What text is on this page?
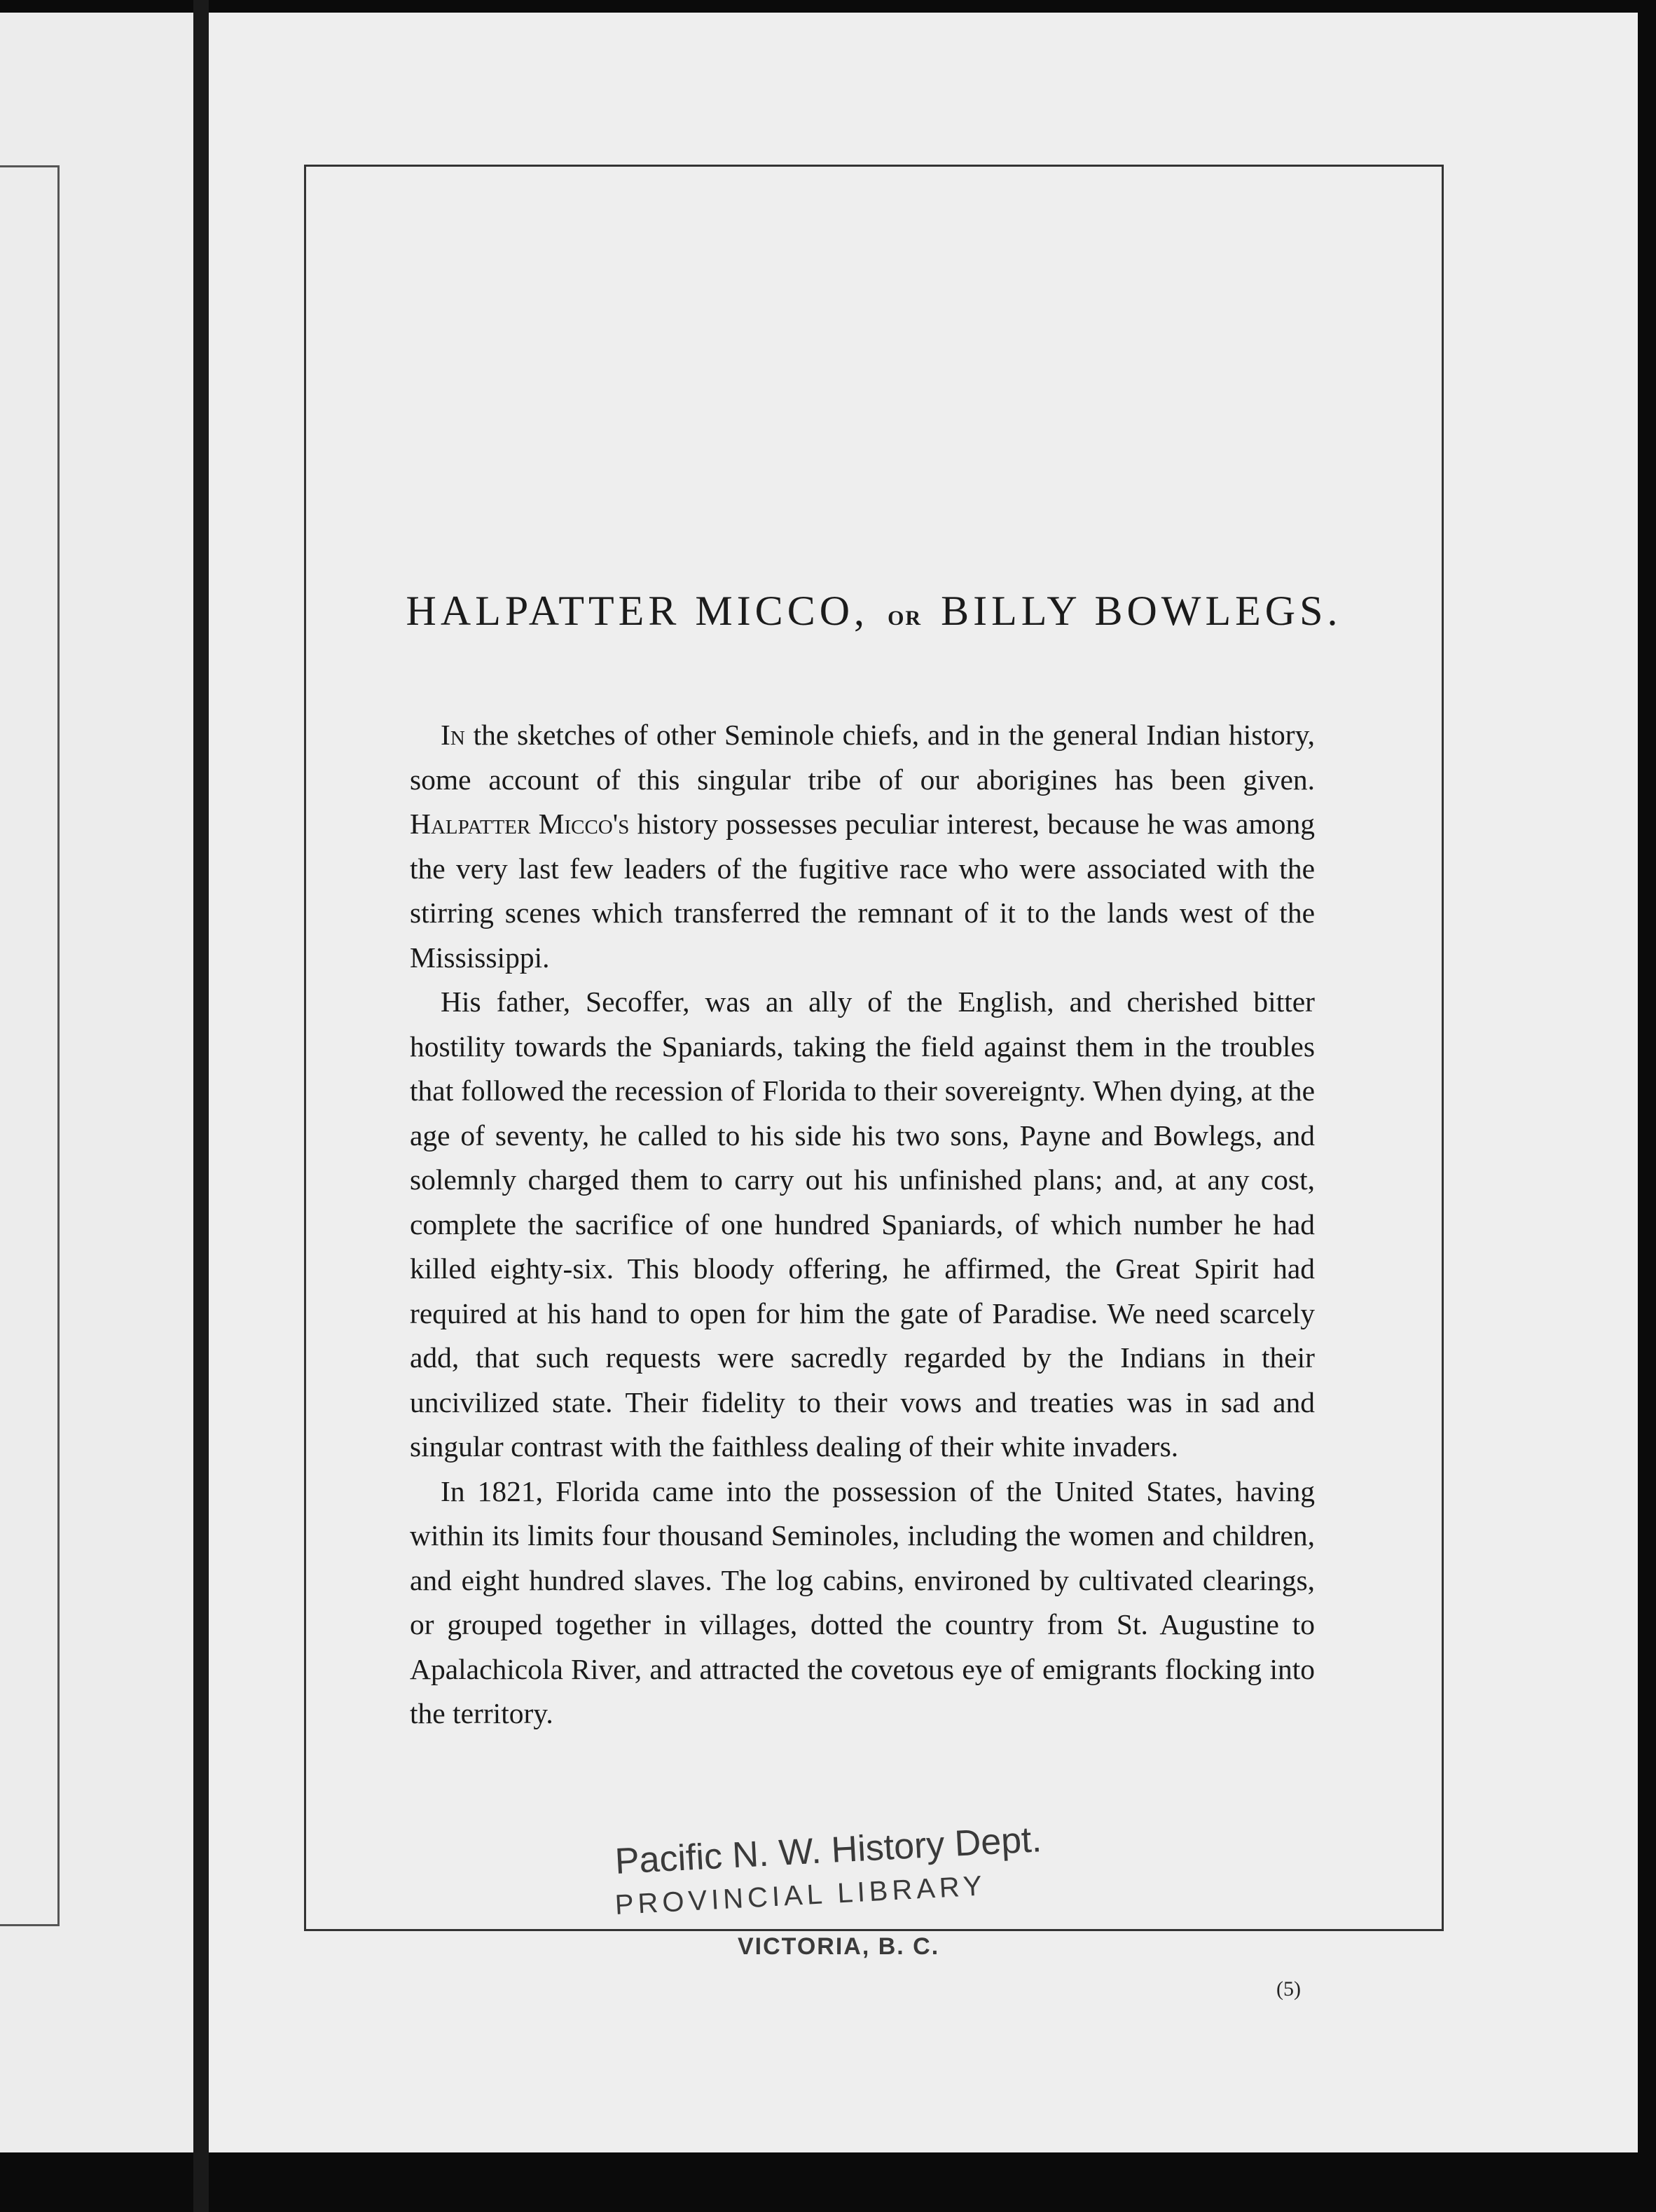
HALPATTER MICCO, OR BILLY BOWLEGS.

In the sketches of other Seminole chiefs, and in the general Indian history, some account of this singular tribe of our aborigines has been given. Halpatter Micco's history possesses peculiar interest, because he was among the very last few leaders of the fugitive race who were associated with the stirring scenes which transferred the remnant of it to the lands west of the Mississippi.

His father, Secoffer, was an ally of the English, and cherished bitter hostility towards the Spaniards, taking the field against them in the troubles that followed the recession of Florida to their sovereignty. When dying, at the age of seventy, he called to his side his two sons, Payne and Bowlegs, and solemnly charged them to carry out his unfinished plans; and, at any cost, complete the sacrifice of one hundred Spaniards, of which number he had killed eighty-six. This bloody offering, he affirmed, the Great Spirit had required at his hand to open for him the gate of Paradise. We need scarcely add, that such requests were sacredly regarded by the Indians in their uncivilized state. Their fidelity to their vows and treaties was in sad and singular contrast with the faithless dealing of their white invaders.

In 1821, Florida came into the possession of the United States, having within its limits four thousand Seminoles, including the women and children, and eight hundred slaves. The log cabins, environed by cultivated clearings, or grouped together in villages, dotted the country from St. Augustine to Apalachicola River, and attracted the covetous eye of emigrants flocking into the territory.

(5)
Pacific N. W. History Dept.
PROVINCIAL LIBRARY
VICTORIA, B. C.
